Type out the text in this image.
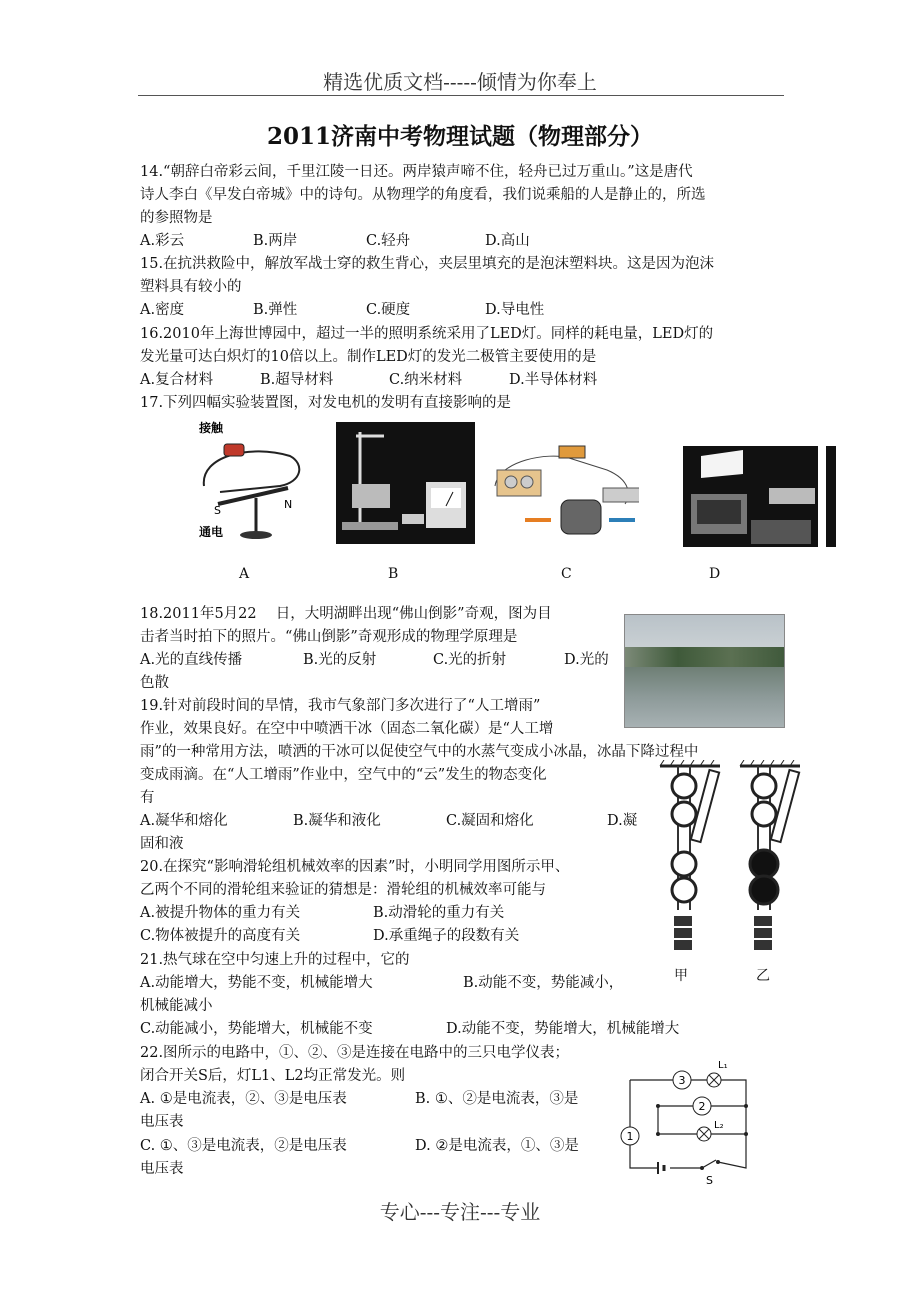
精选优质文档-----倾情为你奉上
2011济南中考物理试题（物理部分）
14.“朝辞白帝彩云间，千里江陵一日还。两岸猿声啼不住，轻舟已过万重山。”这是唐代
诗人李白《早发白帝城》中的诗句。从物理学的角度看，我们说乘船的人是静止的，所选
的参照物是
A.彩云	B.两岸	C.轻舟	D.高山
15.在抗洪救险中，解放军战士穿的救生背心，夹层里填充的是泡沫塑料块。这是因为泡沫
塑料具有较小的
A.密度	B.弹性	C.硬度	D.导电性
16.2010年上海世博园中，超过一半的照明系统采用了LED灯。同样的耗电量，LED灯的
发光量可达白炽灯的10倍以上。制作LED灯的发光二极管主要使用的是
A.复合材料	B.超导材料	C.纳米材料	D.半导体材料
17.下列四幅实验装置图，对发电机的发明有直接影响的是
接触
S	N
通电
A	B	C	D
18.2011年5月22　 日，大明湖畔出现“佛山倒影”奇观，图为目
击者当时拍下的照片。“佛山倒影”奇观形成的物理学原理是
A.光的直线传播	B.光的反射	C.光的折射	D.光的
色散
19.针对前段时间的旱情，我市气象部门多次进行了“人工增雨”
作业，效果良好。在空中中喷洒干冰（固态二氧化碳）是“人工增
雨”的一种常用方法，喷洒的干冰可以促使空气中的水蒸气变成小冰晶，冰晶下降过程中
变成雨滴。在“人工增雨”作业中，空气中的“云”发生的物态变化
有
A.凝华和熔化	B.凝华和液化	C.凝固和熔化	D.凝
固和液
甲	乙
20.在探究“影响滑轮组机械效率的因素”时，小明同学用图所示甲、
乙两个不同的滑轮组来验证的猜想是：滑轮组的机械效率可能与
A.被提升物体的重力有关	B.动滑轮的重力有关
C.物体被提升的高度有关	D.承重绳子的段数有关
21.热气球在空中匀速上升的过程中，它的
A.动能增大，势能不变，机械能增大	B.动能不变，势能减小，
机械能减小
C.动能减小，势能增大，机械能不变	D.动能不变，势能增大，机械能增大
22.图所示的电路中，①、②、③是连接在电路中的三只电学仪表；
闭合开关S后，灯L1、L2均正常发光。则
A. ①是电流表，②、③是电压表	B. ①、②是电流表，③是
电压表
C. ①、③是电流表，②是电压表	D. ②是电流表，①、③是
电压表
3
L₁
2
L₂
1
S
专心---专注---专业
